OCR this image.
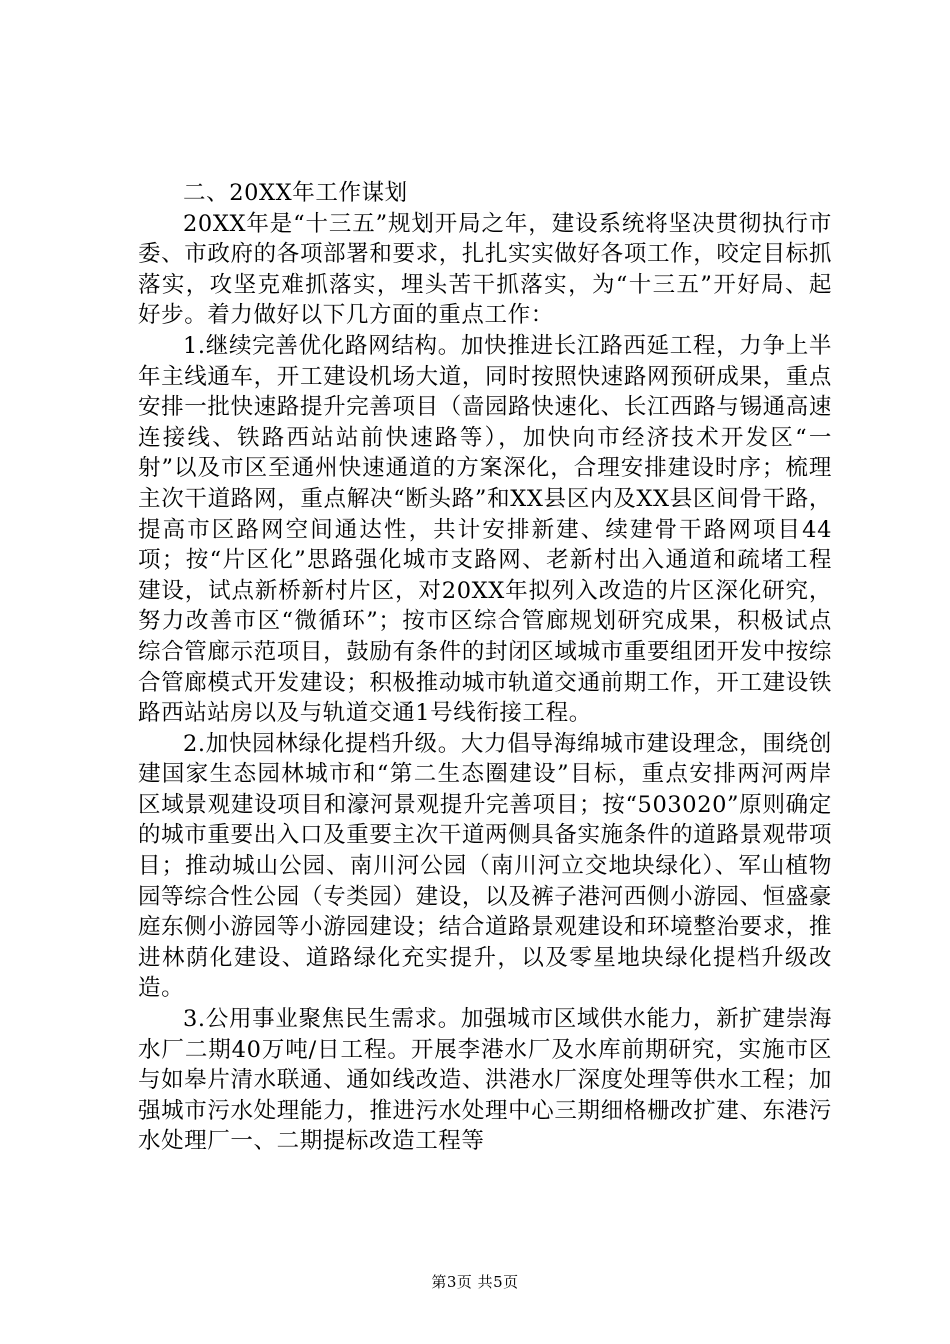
二、20XX年工作谋划

20XX年是“十三五”规划开局之年，建设系统将坚决贯彻执行市委、市政府的各项部署和要求，扎扎实实做好各项工作，咬定目标抓落实，攻坚克难抓落实，埋头苦干抓落实，为“十三五”开好局、起好步。着力做好以下几方面的重点工作：

1.继续完善优化路网结构。加快推进长江路西延工程，力争上半年主线通车，开工建设机场大道，同时按照快速路网预研成果，重点安排一批快速路提升完善项目（啬园路快速化、长江西路与锡通高速连接线、铁路西站站前快速路等），加快向市经济技术开发区“一射”以及市区至通州快速通道的方案深化，合理安排建设时序；梳理主次干道路网，重点解决“断头路”和XX县区内及XX县区间骨干路，提高市区路网空间通达性，共计安排新建、续建骨干路网项目44项；按“片区化”思路强化城市支路网、老新村出入通道和疏堵工程建设，试点新桥新村片区，对20XX年拟列入改造的片区深化研究，努力改善市区“微循环”；按市区综合管廊规划研究成果，积极试点综合管廊示范项目，鼓励有条件的封闭区域城市重要组团开发中按综合管廊模式开发建设；积极推动城市轨道交通前期工作，开工建设铁路西站站房以及与轨道交通1号线衔接工程。

2.加快园林绿化提档升级。大力倡导海绵城市建设理念，围绕创建国家生态园林城市和“第二生态圈建设”目标，重点安排两河两岸区域景观建设项目和濠河景观提升完善项目；按“503020”原则确定的城市重要出入口及重要主次干道两侧具备实施条件的道路景观带项目；推动城山公园、南川河公园（南川河立交地块绿化）、军山植物园等综合性公园（专类园）建设，以及裤子港河西侧小游园、恒盛豪庭东侧小游园等小游园建设；结合道路景观建设和环境整治要求，推进林荫化建设、道路绿化充实提升，以及零星地块绿化提档升级改造。

3.公用事业聚焦民生需求。加强城市区域供水能力，新扩建崇海水厂二期40万吨/日工程。开展李港水厂及水库前期研究，实施市区与如皋片清水联通、通如线改造、洪港水厂深度处理等供水工程；加强城市污水处理能力，推进污水处理中心三期细格栅改扩建、东港污水处理厂一、二期提标改造工程等

第3页 共5页
